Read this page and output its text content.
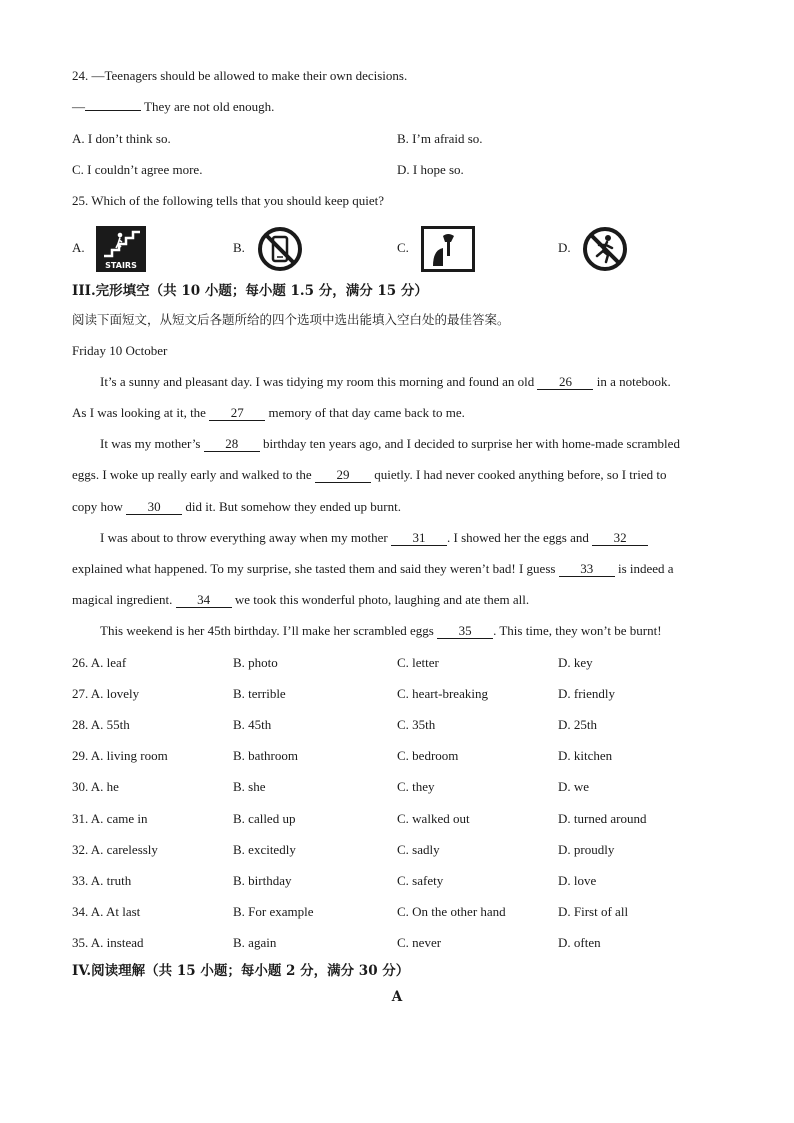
24. —Teenagers should be allowed to make their own decisions.
—	They are not old enough.
A. I don’t think so.	B. I’m afraid so.
C. I couldn’t agree more.	D. I hope so.
25. Which of the following tells that you should keep quiet?
A.
STAIRS
B.	C.	D.
III.完形填空（共 10 小题；每小题 1.5 分，满分 15 分）
阅读下面短文，从短文后各题所给的四个选项中选出能填入空白处的最佳答案。
Friday 10 October
It’s a sunny and pleasant day. I was tidying my room this morning and found an old 26 in a notebook.
As I was looking at it, the 27 memory of that day came back to me.
It was my mother’s 28 birthday ten years ago, and I decided to surprise her with home-made scrambled
eggs. I woke up really early and walked to the 29 quietly. I had never cooked anything before, so I tried to
copy how 30 did it. But somehow they ended up burnt.
I was about to throw everything away when my mother 31 . I showed her the eggs and 32
explained what happened. To my surprise, she tasted them and said they weren’t bad! I guess 33 is indeed a
magical ingredient. 34 we took this wonderful photo, laughing and ate them all.
This weekend is her 45th birthday. I’ll make her scrambled eggs 35 . This time, they won’t be burnt!
26. A. leaf	B. photo	C. letter	D. key
27. A. lovely	B. terrible	C. heart-breaking	D. friendly
28. A. 55th	B. 45th	C. 35th	D. 25th
29. A. living room	B. bathroom	C. bedroom	D. kitchen
30. A. he	B. she	C. they	D. we
31. A. came in	B. called up	C. walked out	D. turned around
32. A. carelessly	B. excitedly	C. sadly	D. proudly
33. A. truth	B. birthday	C. safety	D. love
34. A. At last	B. For example	C. On the other hand	D. First of all
35. A. instead	B. again	C. never	D. often
IV.阅读理解（共 15 小题；每小题 2 分，满分 30 分）
A
